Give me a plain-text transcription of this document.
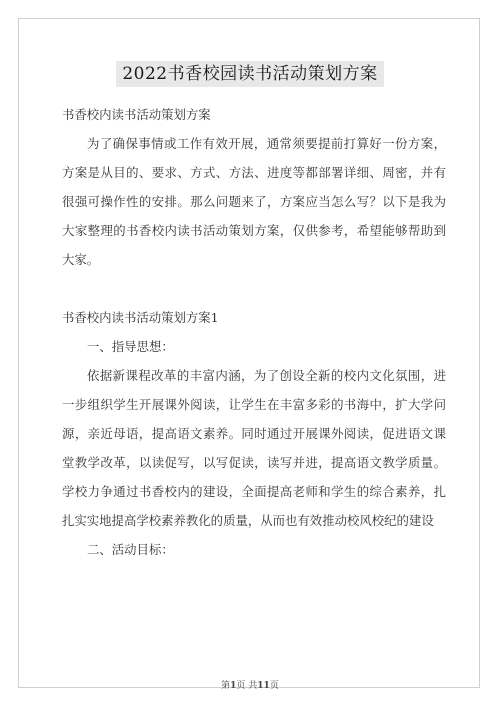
2022书香校园读书活动策划方案

书香校内读书活动策划方案

为了确保事情或工作有效开展，通常须要提前打算好一份方案，方案是从目的、要求、方式、方法、进度等都部署详细、周密，并有很强可操作性的安排。那么问题来了，方案应当怎么写？以下是我为大家整理的书香校内读书活动策划方案，仅供参考，希望能够帮助到大家。

书香校内读书活动策划方案1

一、指导思想：

依据新课程改革的丰富内涵，为了创设全新的校内文化氛围，进一步组织学生开展课外阅读，让学生在丰富多彩的书海中，扩大学问源，亲近母语，提高语文素养。同时通过开展课外阅读，促进语文课堂教学改革，以读促写，以写促读，读写并进，提高语文教学质量。学校力争通过书香校内的建设，全面提高老师和学生的综合素养，扎扎实实地提高学校素养教化的质量，从而也有效推动校风校纪的建设

二、活动目标：

第1页 共11页
